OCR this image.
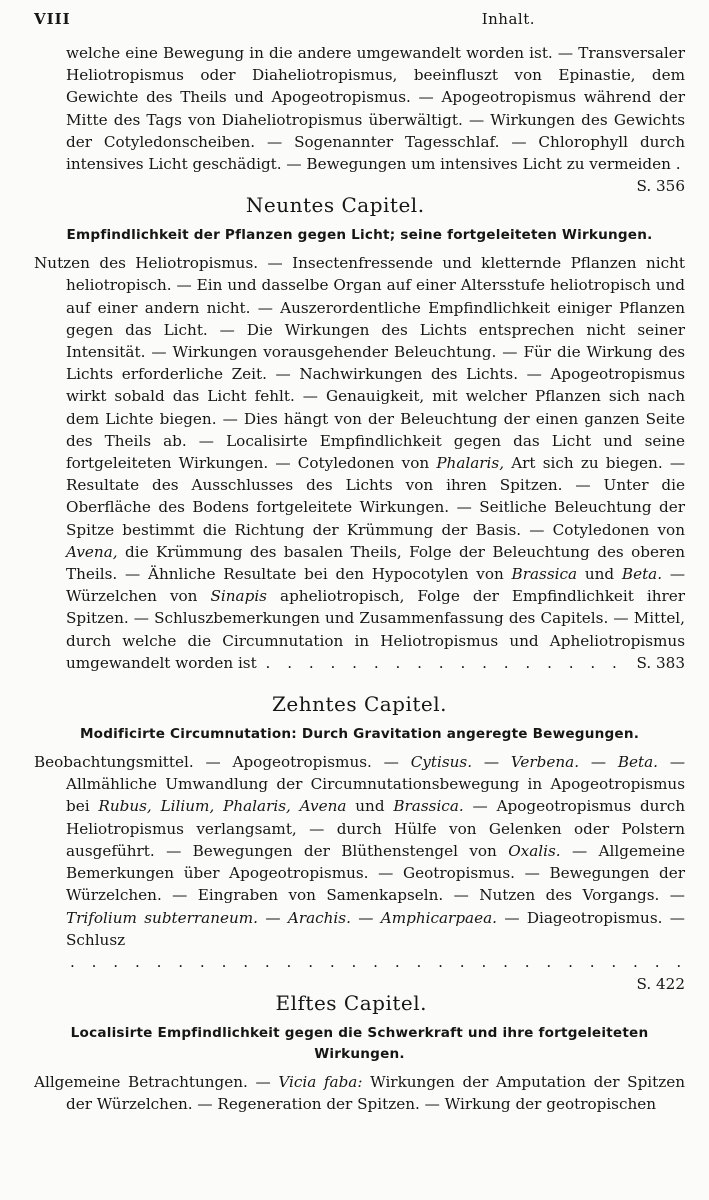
VIII	Inhalt.

welche eine Bewegung in die andere umgewandelt worden ist. — Transversaler Heliotropismus oder Diaheliotropismus, beeinfluszt von Epinastie, dem Gewichte des Theils und Apogeotropismus. — Apogeotropismus während der Mitte des Tags von Diaheliotropismus überwältigt. — Wirkungen des Gewichts der Cotyledonscheiben. — Sogenannter Tagesschlaf. — Chlorophyll durch intensives Licht geschädigt. — Bewegungen um intensives Licht zu vermeiden .
S. 356

Neuntes Capitel.
Empfindlichkeit der Pflanzen gegen Licht; seine fortgeleiteten Wirkungen.

Nutzen des Heliotropismus. — Insectenfressende und kletternde Pflanzen nicht heliotropisch. — Ein und dasselbe Organ auf einer Altersstufe heliotropisch und auf einer andern nicht. — Auszerordentliche Empfindlichkeit einiger Pflanzen gegen das Licht. — Die Wirkungen des Lichts entsprechen nicht seiner Intensität. — Wirkungen vorausgehender Beleuchtung. — Für die Wirkung des Lichts erforderliche Zeit. — Nachwirkungen des Lichts. — Apogeotropismus wirkt sobald das Licht fehlt. — Genauigkeit, mit welcher Pflanzen sich nach dem Lichte biegen. — Dies hängt von der Beleuchtung der einen ganzen Seite des Theils ab. — Localisirte Empfindlichkeit gegen das Licht und seine fortgeleiteten Wirkungen. — Cotyledonen von Phalaris, Art sich zu biegen. — Resultate des Ausschlusses des Lichts von ihren Spitzen. — Unter die Oberfläche des Bodens fortgeleitete Wirkungen. — Seitliche Beleuchtung der Spitze bestimmt die Richtung der Krümmung der Basis. — Cotyledonen von Avena, die Krümmung des basalen Theils, Folge der Beleuchtung des oberen Theils. — Ähnliche Resultate bei den Hypocotylen von Brassica und Beta. — Würzelchen von Sinapis apheliotropisch, Folge der Empfindlichkeit ihrer Spitzen. — Schluszbemerkungen und Zusammenfassung des Capitels. — Mittel, durch welche die Circumnutation in Heliotropismus und Apheliotropismus umgewandelt worden ist . . . . . . . . . . . . . . . . . S. 383

Zehntes Capitel.
Modificirte Circumnutation: Durch Gravitation angeregte Bewegungen.

Beobachtungsmittel. — Apogeotropismus. — Cytisus. — Verbena. — Beta. — Allmähliche Umwandlung der Circumnutationsbewegung in Apogeotropismus bei Rubus, Lilium, Phalaris, Avena und Brassica. — Apogeotropismus durch Heliotropismus verlangsamt, — durch Hülfe von Gelenken oder Polstern ausgeführt. — Bewegungen der Blüthenstengel von Oxalis. — Allgemeine Bemerkungen über Apogeotropismus. — Geotropismus. — Bewegungen der Würzelchen. — Eingraben von Samenkapseln. — Nutzen des Vorgangs. — Trifolium subterraneum. — Arachis. — Amphicarpaea. — Diageotropismus. — Schlusz . . . . . . . . . . . . . . . . . . . . . . . . . . . . .
S. 422

Elftes Capitel.
Localisirte Empfindlichkeit gegen die Schwerkraft und ihre fortgeleiteten Wirkungen.

Allgemeine Betrachtungen. — Vicia faba: Wirkungen der Amputation der Spitzen der Würzelchen. — Regeneration der Spitzen. — Wirkung der geotropischen
